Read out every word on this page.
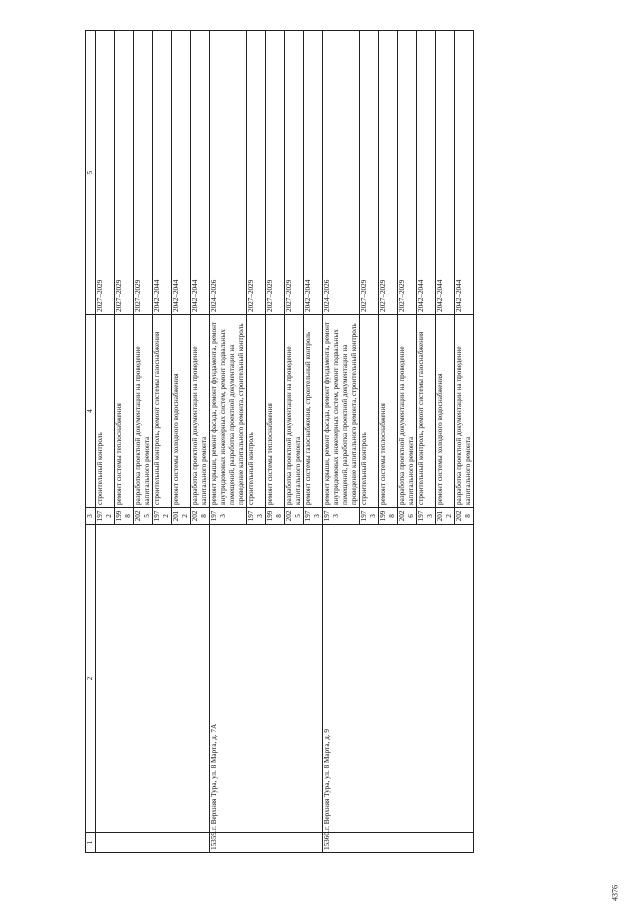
4376
1	2	3	4	5
		1972	строительный контроль	2027–2029
		1998	ремонт системы теплоснабжения	2027–2029
		2025	разработка проектной документации на проведение капитального ремонта	2027–2029
		1972	строительный контроль, ремонт системы газоснабжения	2042–2044
		2012	ремонт системы холодного водоснабжения	2042–2044
		2028	разработка проектной документации на проведение капитального ремонта	2042–2044
15359.	г. Верхняя Тура, ул. 8 Марта, д. 7А	1973	ремонт крыши, ремонт фасада, ремонт фундамента, ремонт внутридомовых инженерных систем, ремонт подвальных помещений, разработка проектной документации на проведение капитального ремонта, строительный контроль	2024–2026
		1973	строительный контроль	2027–2029
		1998	ремонт системы теплоснабжения	2027–2029
		2025	разработка проектной документации на проведение капитального ремонта	2027–2029
		1973	ремонт системы газоснабжения, строительный контроль	2042–2044
15360.	г. Верхняя Тура, ул. 8 Марта, д. 9	1973	ремонт крыши, ремонт фасада, ремонт фундамента, ремонт внутридомовых инженерных систем, ремонт подвальных помещений, разработка проектной документации на проведение капитального ремонта, строительный контроль	2024–2026
		1973	строительный контроль	2027–2029
		1998	ремонт системы теплоснабжения	2027–2029
		2026	разработка проектной документации на проведение капитального ремонта	2027–2029
		1973	строительный контроль, ремонт системы газоснабжения	2042–2044
		2012	ремонт системы холодного водоснабжения	2042–2044
		2028	разработка проектной документации на проведение капитального ремонта	2042–2044
